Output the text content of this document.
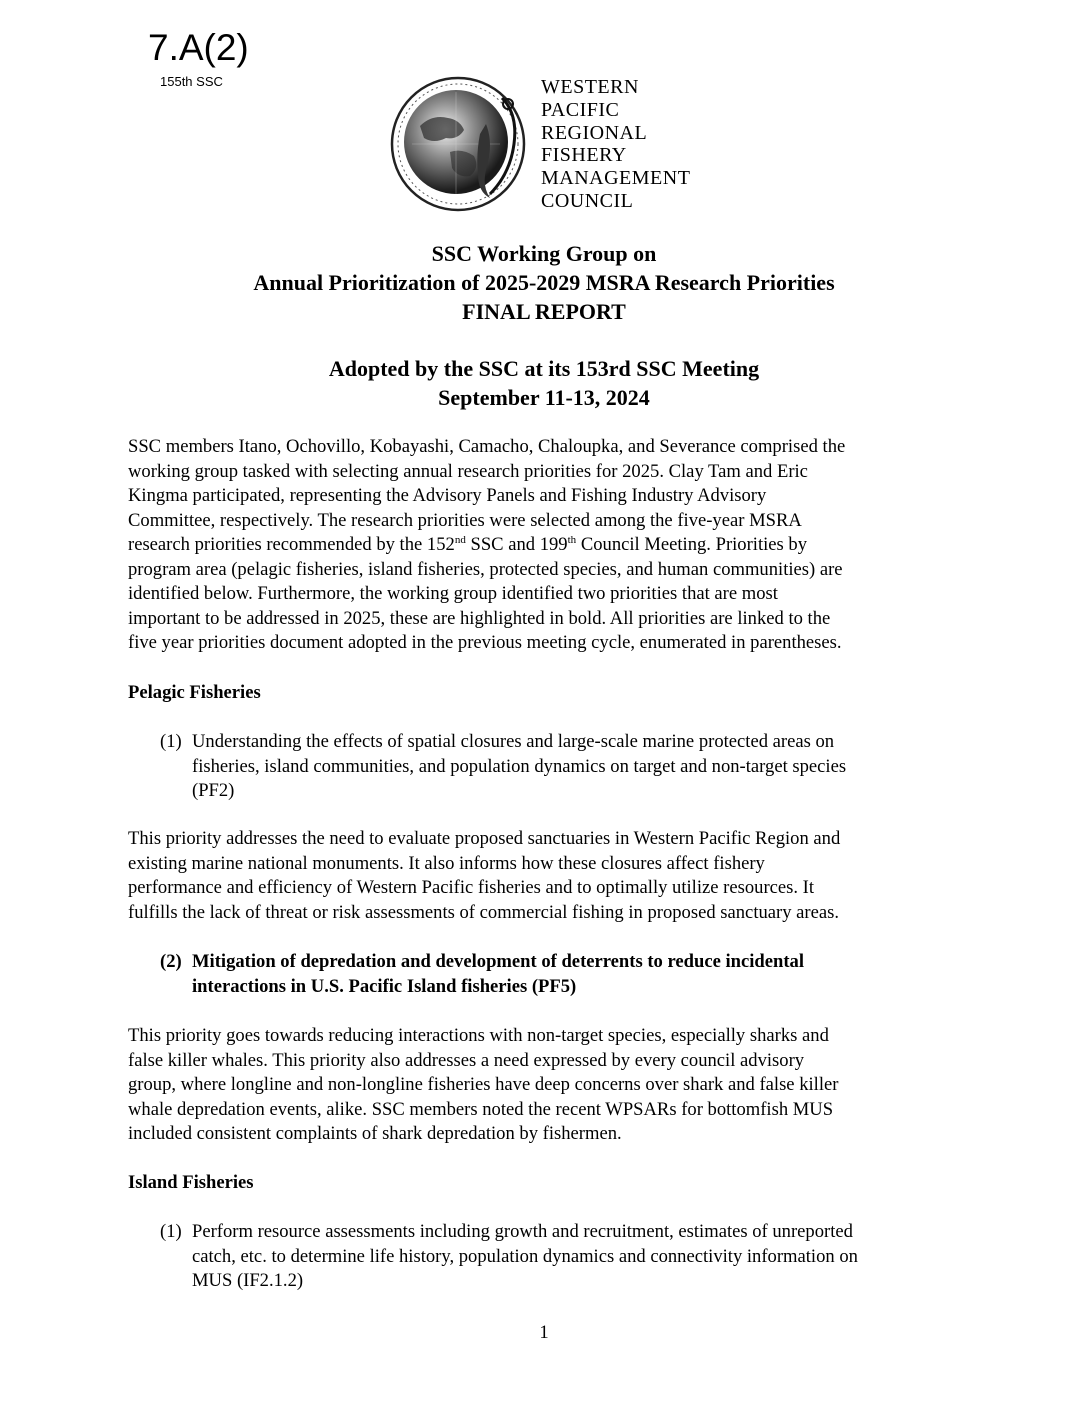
7.A(2)
155th SSC	WESTERN
PACIFIC
REGIONAL
FISHERY
MANAGEMENT
COUNCIL
SSC Working Group on
Annual Prioritization of 2025-2029 MSRA Research Priorities
FINAL REPORT
Adopted by the SSC at its 153rd SSC Meeting
September 11-13, 2024
SSC members Itano, Ochovillo, Kobayashi, Camacho, Chaloupka, and Severance comprised the
working group tasked with selecting annual research priorities for 2025. Clay Tam and Eric
Kingma participated, representing the Advisory Panels and Fishing Industry Advisory
Committee, respectively. The research priorities were selected among the five-year MSRA
research priorities recommended by the 152nd SSC and 199th Council Meeting. Priorities by
program area (pelagic fisheries, island fisheries, protected species, and human communities) are
identified below. Furthermore, the working group identified two priorities that are most
important to be addressed in 2025, these are highlighted in bold. All priorities are linked to the
five year priorities document adopted in the previous meeting cycle, enumerated in parentheses.
Pelagic Fisheries
(1) Understanding the effects of spatial closures and large-scale marine protected areas on
fisheries, island communities, and population dynamics on target and non-target species
(PF2)
This priority addresses the need to evaluate proposed sanctuaries in Western Pacific Region and
existing marine national monuments. It also informs how these closures affect fishery
performance and efficiency of Western Pacific fisheries and to optimally utilize resources. It
fulfills the lack of threat or risk assessments of commercial fishing in proposed sanctuary areas.
(2) Mitigation of depredation and development of deterrents to reduce incidental
interactions in U.S. Pacific Island fisheries (PF5)
This priority goes towards reducing interactions with non-target species, especially sharks and
false killer whales. This priority also addresses a need expressed by every council advisory
group, where longline and non-longline fisheries have deep concerns over shark and false killer
whale depredation events, alike. SSC members noted the recent WPSARs for bottomfish MUS
included consistent complaints of shark depredation by fishermen.
Island Fisheries
(1) Perform resource assessments including growth and recruitment, estimates of unreported
catch, etc. to determine life history, population dynamics and connectivity information on
MUS (IF2.1.2)
1
